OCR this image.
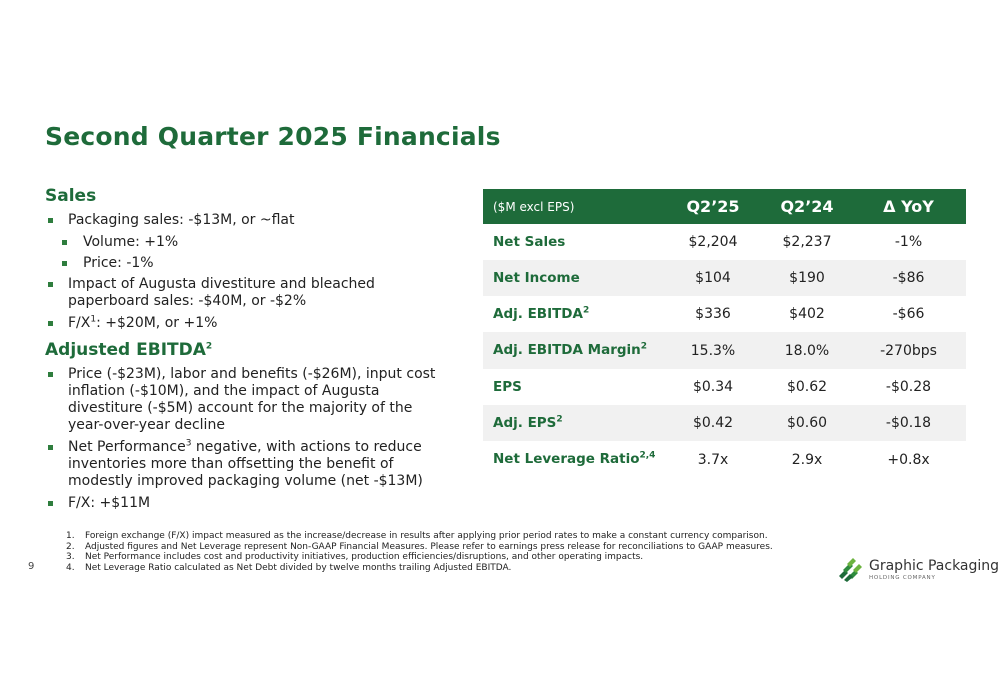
Second Quarter 2025 Financials
Sales
Packaging sales: -$13M, or ~flat
Volume: +1%
Price: -1%
Impact of Augusta divestiture and bleached paperboard sales: -$40M, or -$2%
$F/X^1$: +$20M, or +1%
Adjusted EBITDA$^2$
Price (-$23M), labor and benefits (-$26M), input cost inflation (-$10M), and the impact of Augusta divestiture (-$5M) account for the majority of the year-over-year decline
Net Performance$^3$ negative, with actions to reduce inventories more than offsetting the benefit of modestly improved packaging volume (net -$13M)
F/X: +$11M
($M excl EPS)	Q2’25	Q2’24	Δ YoY
Net Sales	$2,204	$2,237	-1%
Net Income	$104	$190	-$86
Adj. EBITDA$^2$	$336	$402	-$66
Adj. EBITDA Margin$^2$	15.3%	18.0%	-270bps
EPS	$0.34	$0.62	-$0.28
Adj. EPS$^2$	$0.42	$0.60	-$0.18
Net Leverage Ratio$^{2,4}$	3.7x	2.9x	+0.8x
1. Foreign exchange (F/X) impact measured as the increase/decrease in results after applying prior period rates to make a constant currency comparison.
2. Adjusted figures and Net Leverage represent Non-GAAP Financial Measures. Please refer to earnings press release for reconciliations to GAAP measures.
3. Net Performance includes cost and productivity initiatives, production efficiencies/disruptions, and other operating impacts.
4. Net Leverage Ratio calculated as Net Debt divided by twelve months trailing Adjusted EBITDA.
9	Graphic Packaging
HOLDING COMPANY
